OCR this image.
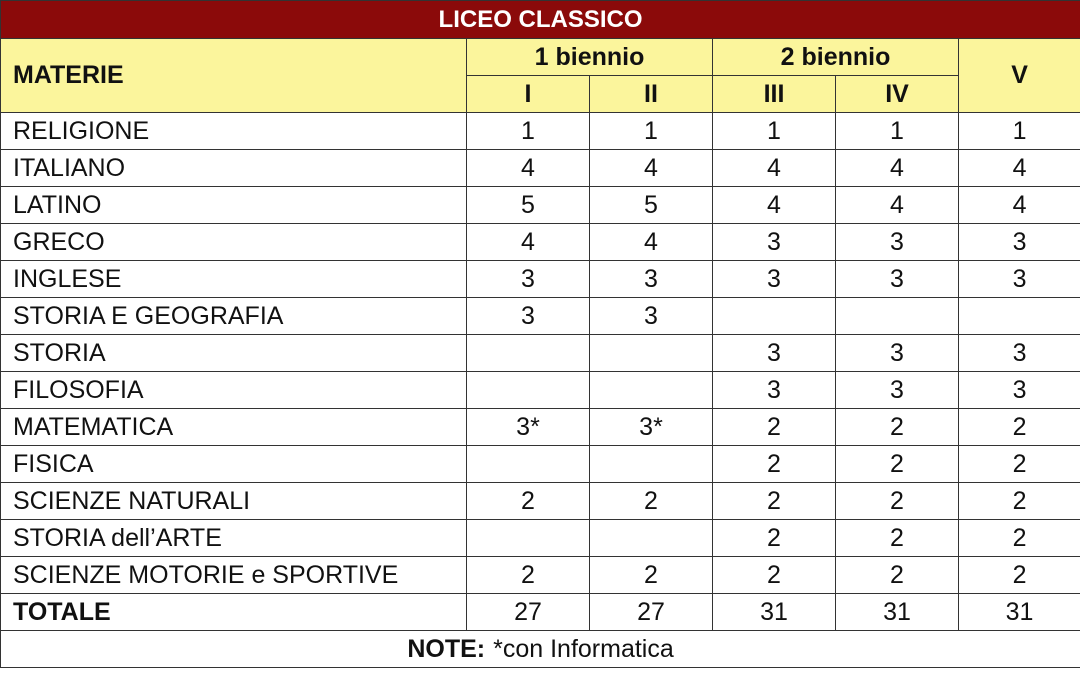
LICEO CLASSICO					
MATERIE	1 biennio		2 biennio		V
	I	II	III	IV	
RELIGIONE	1	1	1	1	1
ITALIANO	4	4	4	4	4
LATINO	5	5	4	4	4
GRECO	4	4	3	3	3
INGLESE	3	3	3	3	3
STORIA E GEOGRAFIA	3	3			
STORIA			3	3	3
FILOSOFIA			3	3	3
MATEMATICA	3*	3*	2	2	2
FISICA			2	2	2
SCIENZE NATURALI	2	2	2	2	2
STORIA dell’ARTE			2	2	2
SCIENZE MOTORIE e SPORTIVE	2	2	2	2	2
TOTALE	27	27	31	31	31
NOTE: *con Informatica					
